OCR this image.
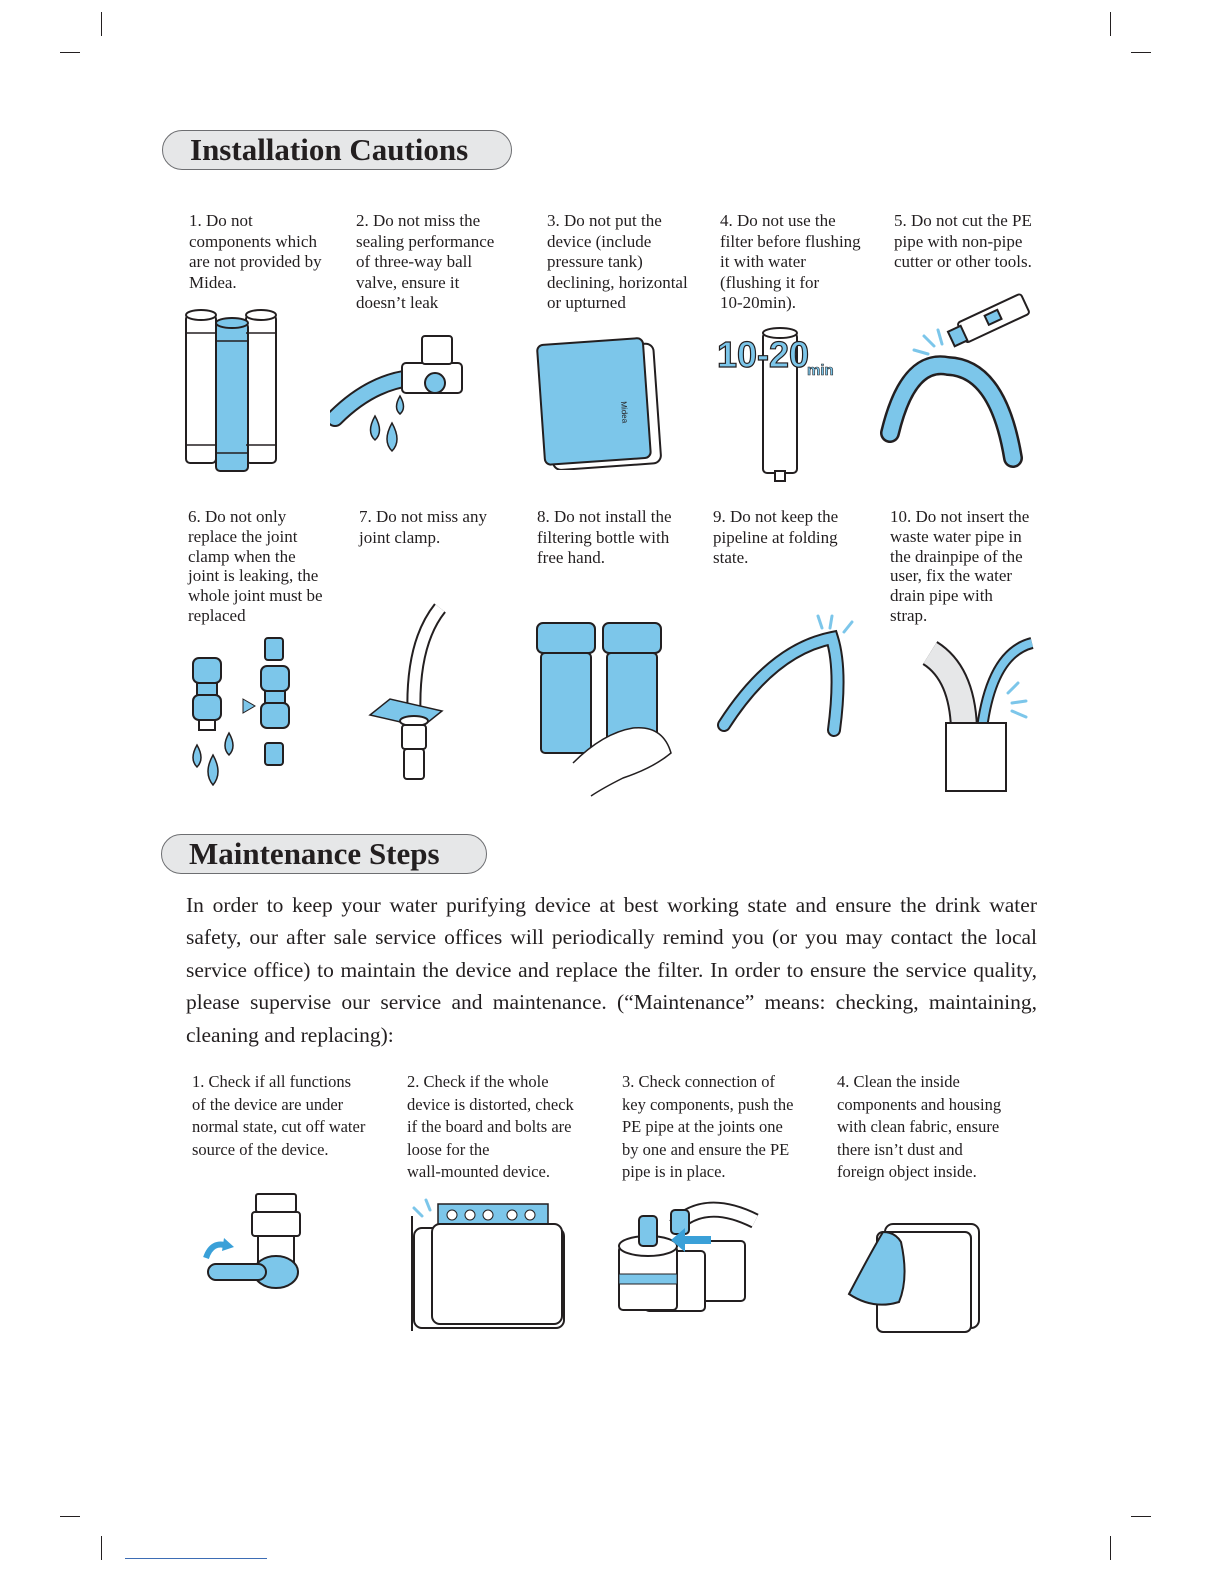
Installation Cautions
1. Do not
components which
are not provided by
Midea.
2. Do not miss the
sealing performance
of three-way ball
valve, ensure it
doesn’t leak
3. Do not put the
device (include
pressure tank)
declining, horizontal
or upturned
4. Do not use the
filter before flushing
it with water
(flushing it for
10-20min).
5. Do not cut the PE
pipe with non-pipe
cutter or other tools.
6. Do not only
replace the joint
clamp when the
joint is leaking, the
whole joint must be
replaced
7. Do not miss any
joint clamp.
8. Do not install the
filtering bottle with
free hand.
9. Do not keep the
pipeline at folding
state.
10. Do not insert the
waste water pipe in
the drainpipe of the
user, fix the water
drain pipe with
strap.
Midea
10-20
min
Maintenance Steps
In order to keep your water purifying device at best working state and ensure the drink water safety, our after sale service offices will periodically remind you (or you may contact the local service office) to maintain the device and replace the filter. In order to ensure the service quality, please supervise our service and maintenance. (“Maintenance” means: checking, maintaining, cleaning and replacing):
1. Check if all functions
of the device are under
normal state, cut off water
source of the device.
2. Check if the whole
device is distorted, check
if the board and bolts are
loose for the
wall-mounted device.
3. Check connection of
key components, push the
PE pipe at the joints one
by one and ensure the PE
pipe is in place.
4. Clean the inside
components and housing
with clean fabric, ensure
there isn’t dust and
foreign object inside.
